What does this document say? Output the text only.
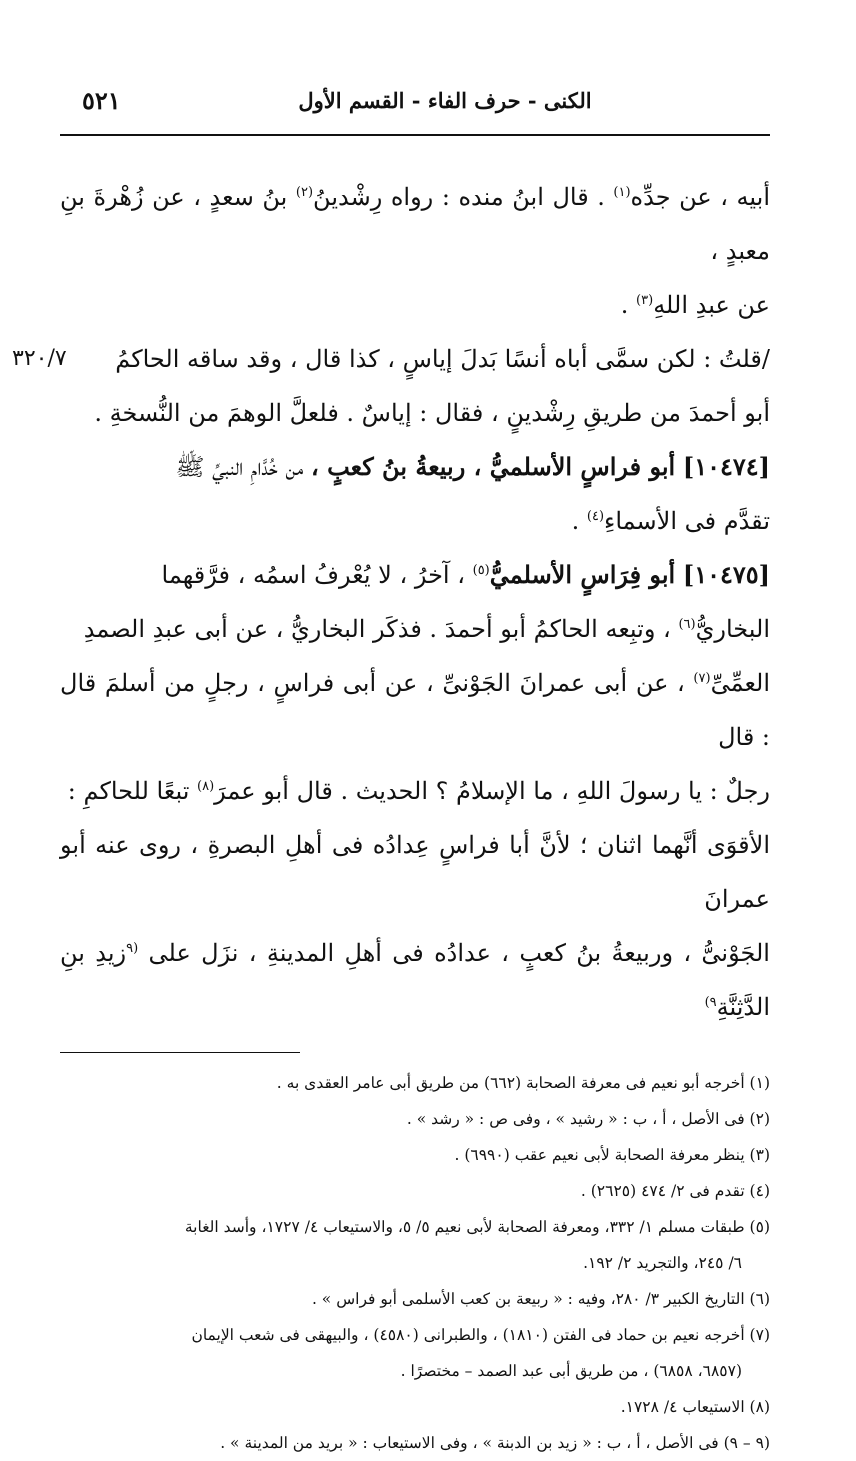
الكنى - حرف الفاء - القسم الأول
٥٢١

أبيه ، عن جدِّه$^{(١)}$ . قال ابنُ منده : رواه رِشْدينُ$^{(٢)}$ بنُ سعدٍ ، عن زُهْرةَ بنِ معبدٍ ،

عن عبدِ اللهِ$^{(٣)}$ .

/قلتُ : لكن سمَّى أباه أنسًا بَدلَ إياسٍ ، كذا قال ، وقد ساقه الحاكمُ

٣٢٠/٧

أبو أحمدَ من طريقِ رِشْدينٍ ، فقال : إياسٌ . فلعلَّ الوهمَ من النُّسخةِ .

[١٠٤٧٤] أبو فراسٍ الأسلميُّ ، ربيعةُ بنُ كعبٍ ، من خُدَّامِ النبيِّ ﷺ

تقدَّم فى الأسماءِ$^{(٤)}$ .

[١٠٤٧٥] أبو فِرَاسٍ الأسلميُّ$^{(٥)}$ ، آخرُ ، لا يُعْرفُ اسمُه ، فرَّقهما

البخاريُّ$^{(٦)}$ ، وتبِعه الحاكمُ أبو أحمدَ . فذكَر البخاريُّ ، عن أبى عبدِ الصمدِ

العمِّىِّ$^{(٧)}$ ، عن أبى عمرانَ الجَوْنىِّ ، عن أبى فراسٍ ، رجلٍ من أسلمَ قال : قال

رجلٌ : يا رسولَ اللهِ ، ما الإسلامُ ؟ الحديث . قال أبو عمرَ$^{(٨)}$ تبعًا للحاكمِ :

الأقوَى أنَّهما اثنان ؛ لأنَّ أبا فراسٍ عِدادُه فى أهلِ البصرةِ ، روى عنه أبو عمرانَ

الجَوْنىُّ ، وربيعةُ بنُ كعبٍ ، عدادُه فى أهلِ المدينةِ ، نزَل على $^{(٩}$زيدِ بنِ الدَّثِنَّةِ$^{٩)}$

(١) أخرجه أبو نعيم فى معرفة الصحابة (٦٦٢) من طريق أبى عامر العقدى به .

(٢) فى الأصل ، أ ، ب : « رشيد » ، وفى ص : « رشد » .

(٣) ينظر معرفة الصحابة لأبى نعيم عقب (٦٩٩٠) .

(٤) تقدم فى ٢/ ٤٧٤ (٢٦٢٥) .

(٥) طبقات مسلم ١/ ٣٣٢، ومعرفة الصحابة لأبى نعيم ٥/ ٥، والاستيعاب ٤/ ١٧٢٧، وأسد الغابة

٦/ ٢٤٥، والتجريد ٢/ ١٩٢.

(٦) التاريخ الكبير ٣/ ٢٨٠، وفيه : « ربيعة بن كعب الأسلمى أبو فراس » .

(٧) أخرجه نعيم بن حماد فى الفتن (١٨١٠) ، والطبرانى (٤٥٨٠) ، والبيهقى فى شعب الإيمان

(٦٨٥٧، ٦٨٥٨) ، من طريق أبى عبد الصمد – مختصرًا .

(٨) الاستيعاب ٤/ ١٧٢٨.

(٩ – ٩) فى الأصل ، أ ، ب : « زيد بن الدبنة » ، وفى الاستيعاب : « بريد من المدينة » .
